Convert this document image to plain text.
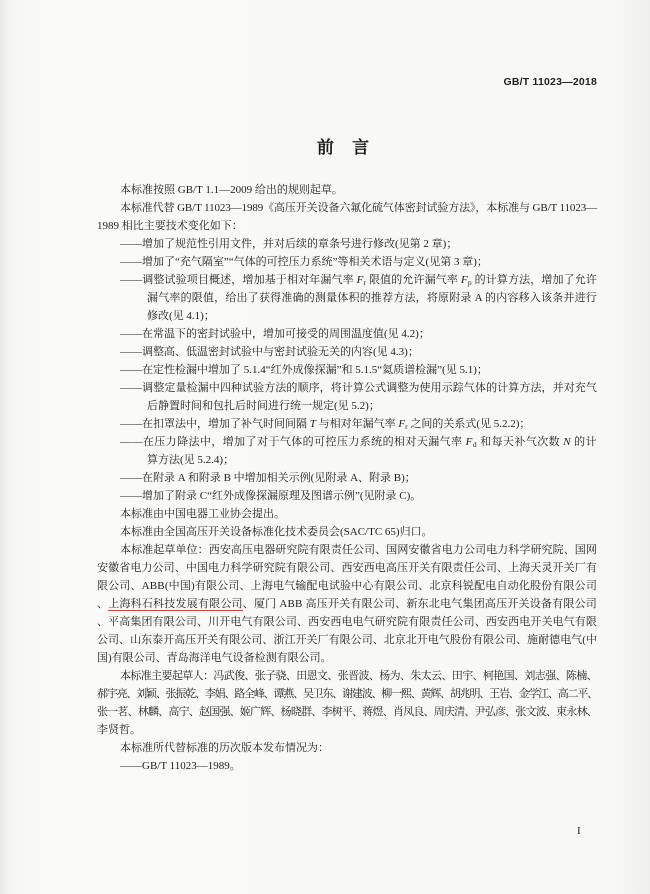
GB/T 11023—2018
前 言
本标准按照 GB/T 1.1—2009 给出的规则起草。
本标准代替 GB/T 11023—1989《高压开关设备六氟化硫气体密封试验方法》，本标准与 GB/T 11023—
1989 相比主要技术变化如下：
——增加了规范性引用文件，并对后续的章条号进行修改(见第 2 章)；
——增加了“充气隔室”“气体的可控压力系统”等相关术语与定义(见第 3 章)；
——调整试验项目概述，增加基于相对年漏气率 $F_r$ 限值的允许漏气率 $F_p$ 的计算方法，增加了允许
漏气率的限值，给出了获得准确的测量体积的推荐方法，将原附录 A 的内容移入该条并进行
修改(见 4.1)；
——在常温下的密封试验中，增加可接受的周围温度值(见 4.2)；
——调整高、低温密封试验中与密封试验无关的内容(见 4.3)；
——在定性检漏中增加了 5.1.4“红外成像探漏”和 5.1.5“氦质谱检漏”(见 5.1)；
——调整定量检漏中四种试验方法的顺序，将计算公式调整为使用示踪气体的计算方法，并对充气
后静置时间和包扎后时间进行统一规定(见 5.2)；
——在扣罩法中，增加了补气时间间隔 T 与相对年漏气率 $F_r$ 之间的关系式(见 5.2.2)；
——在压力降法中，增加了对于气体的可控压力系统的相对天漏气率 $F_d$ 和每天补气次数 N 的计
算方法(见 5.2.4)；
——在附录 A 和附录 B 中增加相关示例(见附录 A、附录 B)；
——增加了附录 C“红外成像探漏原理及图谱示例”(见附录 C)。
本标准由中国电器工业协会提出。
本标准由全国高压开关设备标准化技术委员会(SAC/TC 65)归口。
本标准起草单位：西安高压电器研究院有限责任公司、国网安徽省电力公司电力科学研究院、国网
安徽省电力公司、中国电力科学研究院有限公司、西安西电高压开关有限责任公司、上海天灵开关厂有
限公司、ABB(中国)有限公司、上海电气输配电试验中心有限公司、北京科锐配电自动化股份有限公司
、上海科石科技发展有限公司、厦门 ABB 高压开关有限公司、新东北电气集团高压开关设备有限公司
、平高集团有限公司、川开电气有限公司、西安西电电气研究院有限责任公司、西安西电开关电气有限
公司、山东泰开高压开关有限公司、浙江开关厂有限公司、北京北开电气股份有限公司、施耐德电气(中
国)有限公司、青岛海洋电气设备检测有限公司。
本标准主要起草人：冯武俊、张子骁、田恩文、张晋波、杨为、朱太云、田宇、柯艳国、刘志强、陈楠、
郝宇亮、刘颖、张振乾、李娟、路全峰、谭燕、吴卫东、谢建波、柳一熙、黄辉、胡兆明、王岩、金学江、高二平、
张一茗、林麟、高宁、赵国强、姬广辉、杨晓群、李树平、蒋煜、肖凤良、周庆清、尹弘彦、张文波、束永林、
李贤哲。
本标准所代替标准的历次版本发布情况为：
——GB/T 11023—1989。
I
